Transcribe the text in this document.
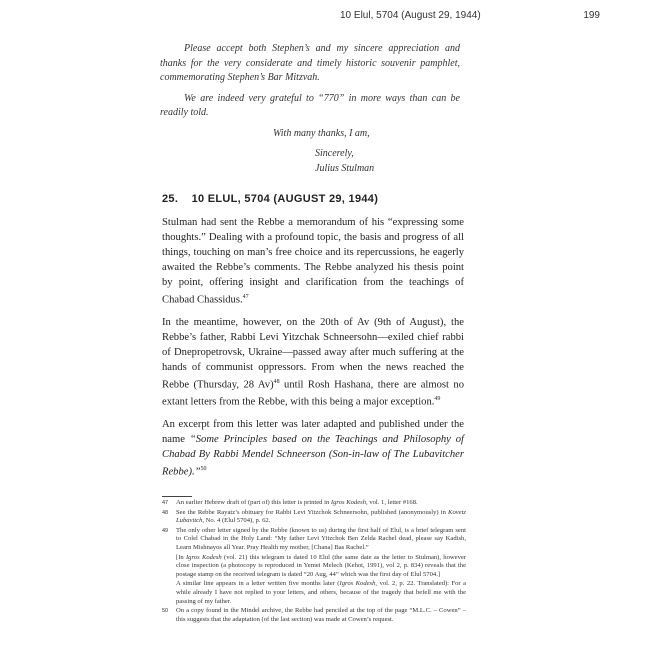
10 Elul, 5704 (August 29, 1944)	199

Please accept both Stephen’s and my sincere appreciation and thanks for the very considerate and timely historic souvenir pamphlet, commemorating Stephen’s Bar Mitzvah.

We are indeed very grateful to “770” in more ways than can be readily told.

With many thanks, I am,

Sincerely,

Julius Stulman

25. 10 ELUL, 5704 (AUGUST 29, 1944)

Stulman had sent the Rebbe a memorandum of his “expressing some thoughts.” Dealing with a profound topic, the basis and progress of all things, touching on man’s free choice and its repercussions, he eagerly awaited the Rebbe’s comments. The Rebbe analyzed his thesis point by point, offering insight and clarification from the teachings of Chabad Chassidus.$^{47}$

In the meantime, however, on the 20th of Av (9th of August), the Rebbe’s father, Rabbi Levi Yitzchak Schneersohn—exiled chief rabbi of Dnepropetrovsk, Ukraine—passed away after much suffering at the hands of communist oppressors. From when the news reached the Rebbe (Thursday, 28 Av)$^{48}$ until Rosh Hashana, there are almost no extant letters from the Rebbe, with this being a major exception.$^{49}$

An excerpt from this letter was later adapted and published under the name “Some Principles based on the Teachings and Philosophy of Chabad By Rabbi Mendel Schneerson (Son-in-law of The Lubavitcher Rebbe).”$^{50}$

47 An earlier Hebrew draft of (part of) this letter is printed in Igros Kodesh, vol. 1, letter #168.
48 See the Rebbe Rayatz’s obituary for Rabbi Levi Yitzchok Schneersohn, published (anonymously) in Kovetz Lubavitch, No. 4 (Elul 5704), p. 62.
49 The only other letter signed by the Rebbe (known to us) during the first half of Elul, is a brief telegram sent to Colel Chabad in the Holy Land: “My father Levi Yitzchok Ben Zelda Rachel dead, please say Kadish, Learn Mishnayos all Year. Pray Health my mother, [Chana] Bas Rachel.”
[In Igros Kodesh (vol. 21) this telegram is dated 10 Elul (the same date as the letter to Stulman), however close inspection (a photocopy is reproduced in Yemei Melech (Kehot, 1991), vol 2, p. 834) reveals that the postage stamp on the received telegram is dated “20 Aug, 44” which was the first day of Elul 5704.]
A similar line appears in a letter written five months later (Igros Kodesh, vol. 2, p. 22. Translated): For a while already I have not replied to your letters, and others, because of the tragedy that befell me with the passing of my father.
50 On a copy found in the Mindel archive, the Rebbe had penciled at the top of the page “M.L.C. – Cowen” – this suggests that the adaptation (of the last section) was made at Cowen’s request.
